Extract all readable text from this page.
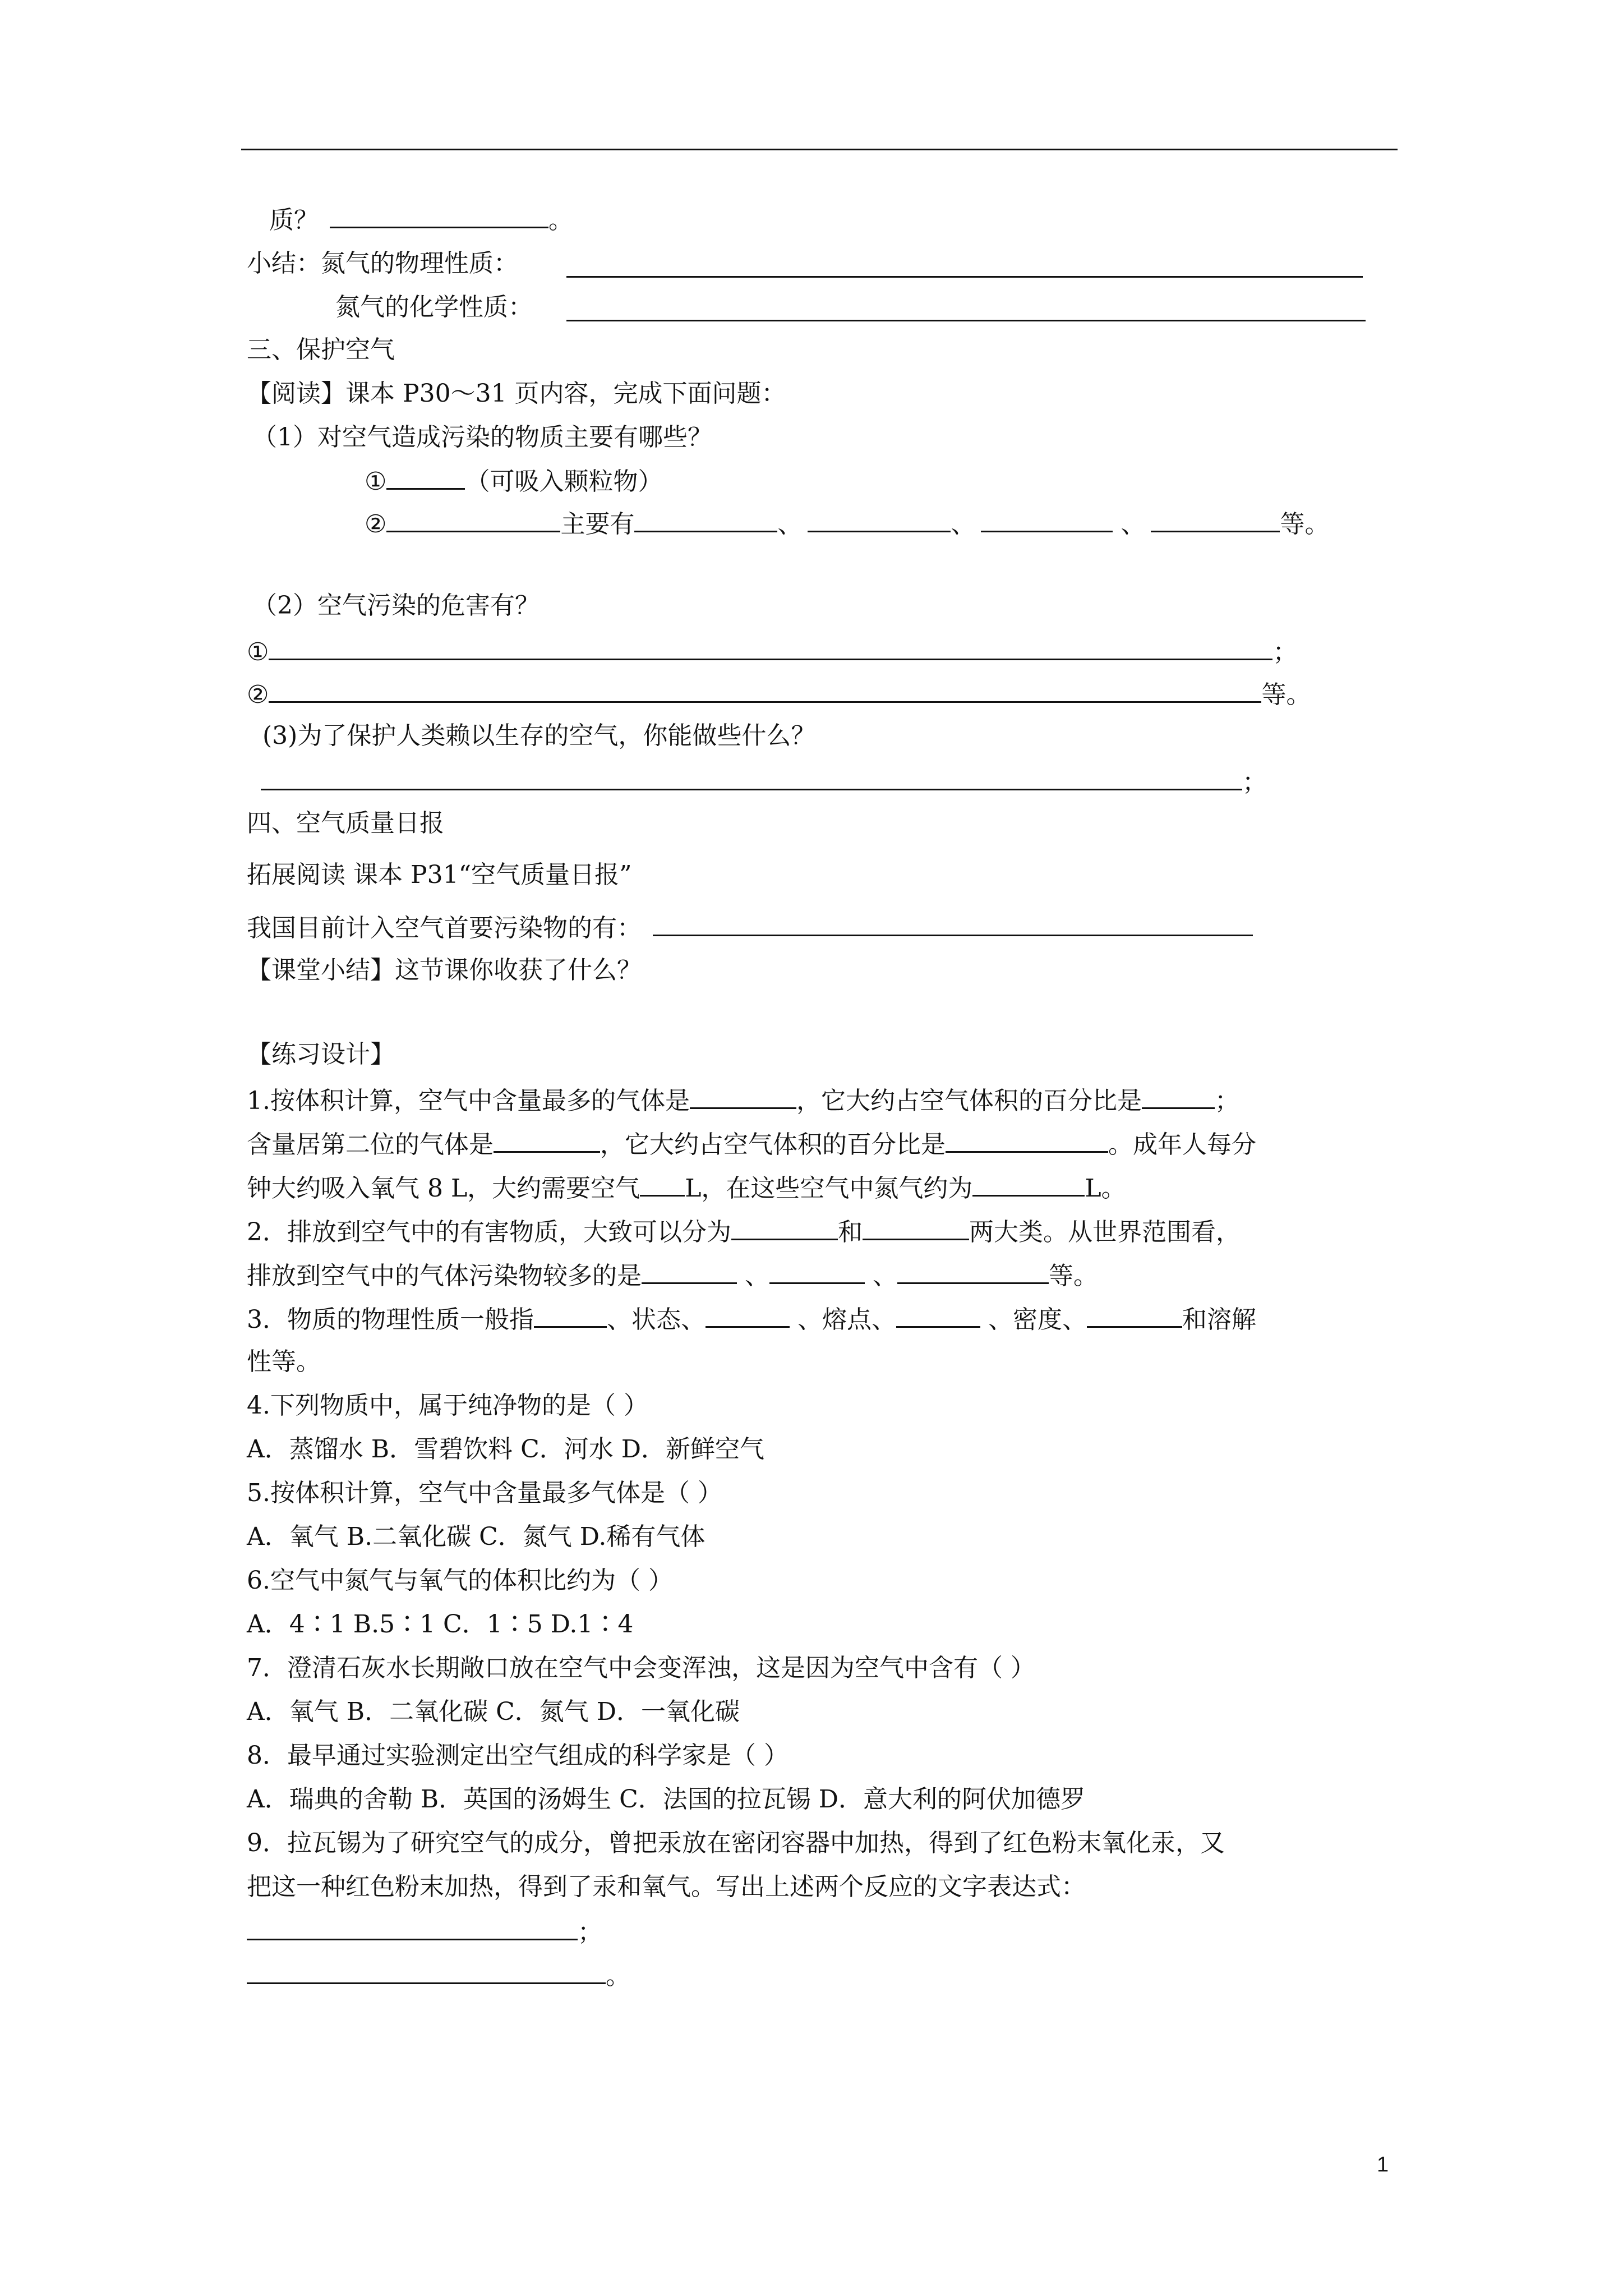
质？	。
小结：氮气的物理性质：
氮气的化学性质：
三、保护空气
【阅读】课本 P30～31 页内容，完成下面问题：
（1）对空气造成污染的物质主要有哪些？
①	（可吸入颗粒物）
②	主要有	、	、	、	等。
（2）空气污染的危害有？
①	；
②	等。
(3)为了保护人类赖以生存的空气，你能做些什么？
；
四、空气质量日报
拓展阅读 课本 P31“空气质量日报”
我国目前计入空气首要污染物的有：
【课堂小结】这节课你收获了什么？
【练习设计】
1.按体积计算，空气中含量最多的气体是	，它大约占空气体积的百分比是	；
含量居第二位的气体是	，它大约占空气体积的百分比是	。成年人每分
钟大约吸入氧气 8 L，大约需要空气 L，在这些空气中氮气约为	L。
2．排放到空气中的有害物质，大致可以分为	和	两大类。从世界范围看，
排放到空气中的气体污染物较多的是	、	、	等。
3．物质的物理性质一般指	、状态、	、熔点、	、密度、	和溶解
性等。
4.下列物质中，属于纯净物的是（ ）
A．蒸馏水 B．雪碧饮料 C．河水 D．新鲜空气
5.按体积计算，空气中含量最多气体是（ ）
A．氧气 B.二氧化碳 C．氮气 D.稀有气体
6.空气中氮气与氧气的体积比约为（ ）
A．4∶1 B.5∶1 C．1∶5 D.1∶4
7．澄清石灰水长期敞口放在空气中会变浑浊，这是因为空气中含有（ ）
A．氧气 B．二氧化碳 C．氮气 D．一氧化碳
8．最早通过实验测定出空气组成的科学家是（ ）
A．瑞典的舍勒 B．英国的汤姆生 C．法国的拉瓦锡 D．意大利的阿伏加德罗
9．拉瓦锡为了研究空气的成分，曾把汞放在密闭容器中加热，得到了红色粉末氧化汞，又
把这一种红色粉末加热，得到了汞和氧气。写出上述两个反应的文字表达式：
；
。
1
